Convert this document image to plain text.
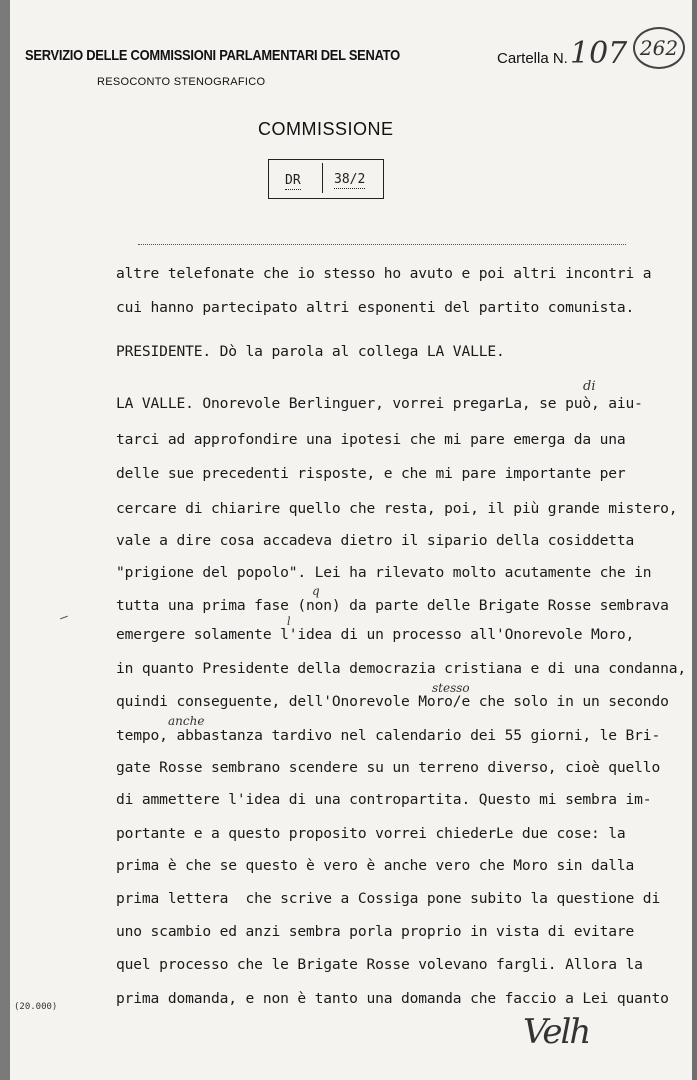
SERVIZIO DELLE COMMISSIONI PARLAMENTARI DEL SENATO
RESOCONTO STENOGRAFICO
Cartella N. 107 262
COMMISSIONE
DR	38/2
altre telefonate che io stesso ho avuto e poi altri incontri a
cui hanno partecipato altri esponenti del partito comunista.
PRESIDENTE. Dò la parola al collega LA VALLE.
LA VALLE. Onorevole Berlinguer, vorrei pregarLa, se può, aiu-
tarci ad approfondire una ipotesi che mi pare emerga da una
delle sue precedenti risposte, e che mi pare importante per
cercare di chiarire quello che resta, poi, il più grande mistero,
vale a dire cosa accadeva dietro il sipario della cosiddetta
"prigione del popolo". Lei ha rilevato molto acutamente che in
tutta una prima fase (non) da parte delle Brigate Rosse sembrava
emergere solamente l'idea di un processo all'Onorevole Moro,
in quanto Presidente della democrazia cristiana e di una condanna,
quindi conseguente, dell'Onorevole Moro/e che solo in un secondo
tempo, abbastanza tardivo nel calendario dei 55 giorni, le Bri-
gate Rosse sembrano scendere su un terreno diverso, cioè quello
di ammettere l'idea di una contropartita. Questo mi sembra im-
portante e a questo proposito vorrei chiederLe due cose: la
prima è che se questo è vero è anche vero che Moro sin dalla
prima lettera  che scrive a Cossiga pone subito la questione di
uno scambio ed anzi sembra porla proprio in vista di evitare
quel processo che le Brigate Rosse volevano fargli. Allora la
prima domanda, e non è tanto una domanda che faccio a Lei quanto
di
q
l
stesso
anche
(20.000)
Velh
